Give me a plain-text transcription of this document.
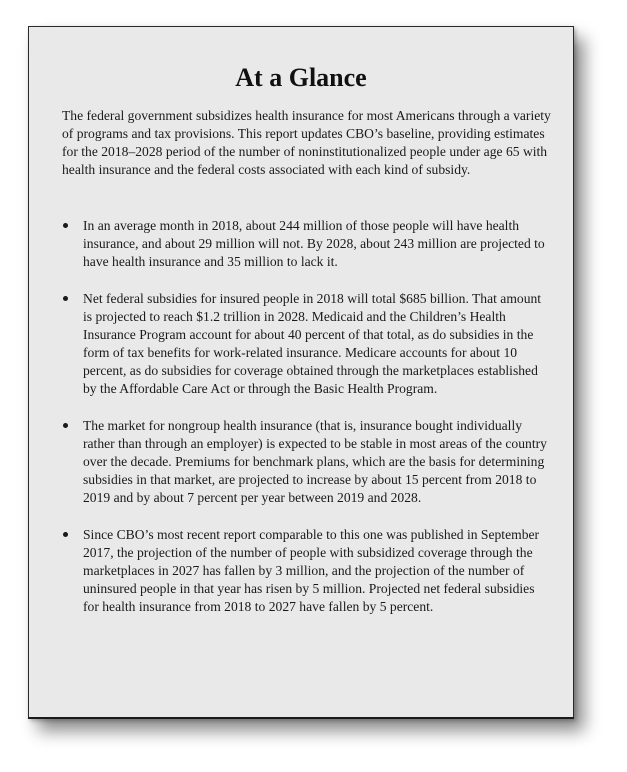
At a Glance

The federal government subsidizes health insurance for most Americans through a variety of programs and tax provisions. This report updates CBO’s baseline, providing estimates for the 2018–2028 period of the number of noninstitutionalized people under age 65 with health insurance and the federal costs associated with each kind of subsidy.

In an average month in 2018, about 244 million of those people will have health insurance, and about 29 million will not. By 2028, about 243 million are projected to have health insurance and 35 million to lack it.
Net federal subsidies for insured people in 2018 will total $685 billion. That amount is projected to reach $1.2 trillion in 2028. Medicaid and the Children’s Health Insurance Program account for about 40 percent of that total, as do subsidies in the form of tax benefits for work-related insurance. Medicare accounts for about 10 percent, as do subsidies for coverage obtained through the marketplaces established by the Affordable Care Act or through the Basic Health Program.
The market for nongroup health insurance (that is, insurance bought individually rather than through an employer) is expected to be stable in most areas of the country over the decade. Premiums for benchmark plans, which are the basis for determining subsidies in that market, are projected to increase by about 15 percent from 2018 to 2019 and by about 7 percent per year between 2019 and 2028.
Since CBO’s most recent report comparable to this one was published in September 2017, the projection of the number of people with subsidized coverage through the marketplaces in 2027 has fallen by 3 million, and the projection of the number of uninsured people in that year has risen by 5 million. Projected net federal subsidies for health insurance from 2018 to 2027 have fallen by 5 percent.
